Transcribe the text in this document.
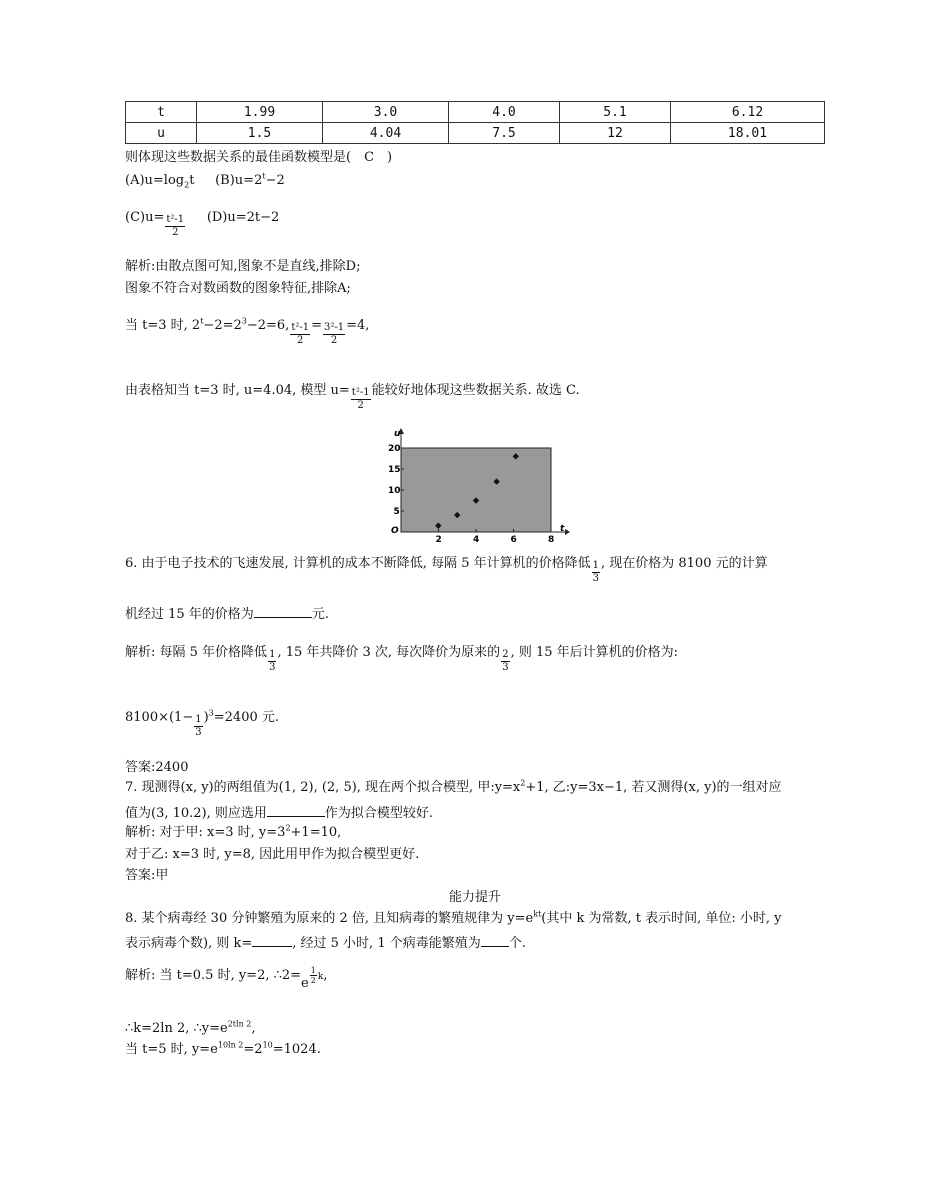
t	1.99	3.0	4.0	5.1	6.12
u	1.5	4.04	7.5	12	18.01
则体现这些数据关系的最佳函数模型是(　C　)
$(A)u=\log_2t$ $(B)u=2^t-2$
$(C)u= \frac{\text{t²-1}}{2} (D)u=2t-2$
解析:由散点图可知,图象不是直线,排除D;
图象不符合对数函数的图象特征,排除A;
当 t=3 时, $2^t-2=2^3-2=6$, $\frac{\text{t²-1}}{2} = \frac{\text{3²-1}}{2} =4$,
由表格知当 t=3 时, u=4.04, 模型 $u= \frac{\text{t²-1}}{2}$ 能较好地体现这些数据关系. 故选 C.
u
t
O
2	4	6	8
5
10
15
20
6. 由于电子技术的飞速发展, 计算机的成本不断降低, 每隔 5 年计算机的价格降低 $\frac{1}{3}$ , 现在价格为 8100 元的计算
机经过 15 年的价格为	元.
解析: 每隔 5 年价格降低 $\frac{1}{3}$ , 15 年共降价 3 次, 每次降价为原来的 $\frac{2}{3}$ , 则 15 年后计算机的价格为:
$8100\times(1- \frac{1}{3} )^3=2400$ 元.
答案:2400
7. 现测得(x, y)的两组值为(1, 2), (2, 5), 现在两个拟合模型, 甲$:y=x^2+1$, 乙:y=3x−1, 若又测得(x, y)的一组对应
值为(3, 10.2), 则应选用	作为拟合模型较好.
解析: 对于甲: x=3 时, $y=3^2+1=10$,
对于乙: x=3 时, y=8, 因此用甲作为拟合模型更好.
答案:甲
能力提升
8. 某个病毒经 30 分钟繁殖为原来的 2 倍, 且知病毒的繁殖规律为 $y=e^{kt}$(其中 k 为常数, t 表示时间, 单位: 小时, y
表示病毒个数), 则 k=	, 经过 5 小时, 1 个病毒能繁殖为 个.
解析: 当 t=0.5 时, y=2, ∴2=e $\frac{1}{2} ^k$,
∴k=2ln 2, $\therefore y=e^{2tln 2}$,
当 t=5 时, $y=e^{10ln 2}=2^{10}=1024$.
